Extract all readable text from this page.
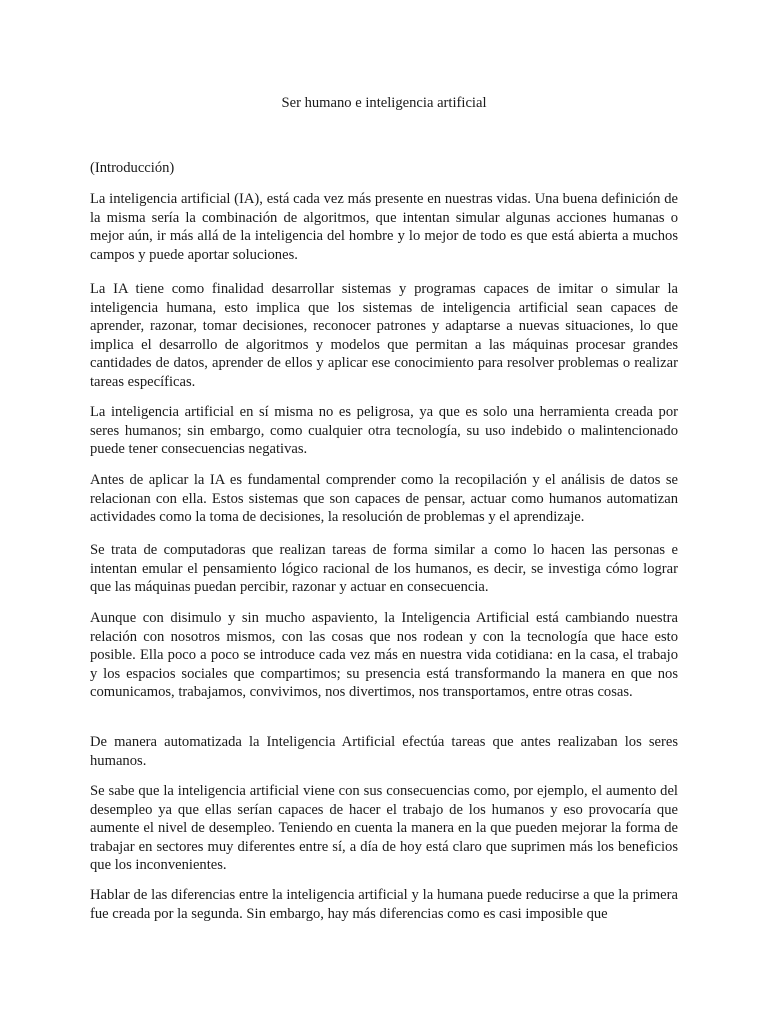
Ser humano e inteligencia artificial

(Introducción)

La inteligencia artificial (IA), está cada vez más presente en nuestras vidas. Una buena definición de la misma sería la combinación de algoritmos, que intentan simular algunas acciones humanas o mejor aún, ir más allá de la inteligencia del hombre y lo mejor de todo es que está abierta a muchos campos y puede aportar soluciones.

La IA tiene como finalidad desarrollar sistemas y programas capaces de imitar o simular la inteligencia humana, esto implica que los sistemas de inteligencia artificial sean capaces de aprender, razonar, tomar decisiones, reconocer patrones y adaptarse a nuevas situaciones, lo que implica el desarrollo de algoritmos y modelos que permitan a las máquinas procesar grandes cantidades de datos, aprender de ellos y aplicar ese conocimiento para resolver problemas o realizar tareas específicas.

La inteligencia artificial en sí misma no es peligrosa, ya que es solo una herramienta creada por seres humanos; sin embargo, como cualquier otra tecnología, su uso indebido o malintencionado puede tener consecuencias negativas.

Antes de aplicar la IA es fundamental comprender como la recopilación y el análisis de datos se relacionan con ella. Estos sistemas que son capaces de pensar, actuar como humanos automatizan actividades como la toma de decisiones, la resolución de problemas y el aprendizaje.

Se trata de computadoras que realizan tareas de forma similar a como lo hacen las personas e intentan emular el pensamiento lógico racional de los humanos, es decir, se investiga cómo lograr que las máquinas puedan percibir, razonar y actuar en consecuencia.

Aunque con disimulo y sin mucho aspaviento, la Inteligencia Artificial está cambiando nuestra relación con nosotros mismos, con las cosas que nos rodean y con la tecnología que hace esto posible. Ella poco a poco se introduce cada vez más en nuestra vida cotidiana: en la casa, el trabajo y los espacios sociales que compartimos; su presencia está transformando la manera en que nos comunicamos, trabajamos, convivimos, nos divertimos, nos transportamos, entre otras cosas.

De manera automatizada la Inteligencia Artificial efectúa tareas que antes realizaban los seres humanos.

Se sabe que la inteligencia artificial viene con sus consecuencias como, por ejemplo, el aumento del desempleo ya que ellas serían capaces de hacer el trabajo de los humanos y eso provocaría que aumente el nivel de desempleo. Teniendo en cuenta la manera en la que pueden mejorar la forma de trabajar en sectores muy diferentes entre sí, a día de hoy está claro que suprimen más los beneficios que los inconvenientes.

Hablar de las diferencias entre la inteligencia artificial y la humana puede reducirse a que la primera fue creada por la segunda. Sin embargo, hay más diferencias como es casi imposible que
